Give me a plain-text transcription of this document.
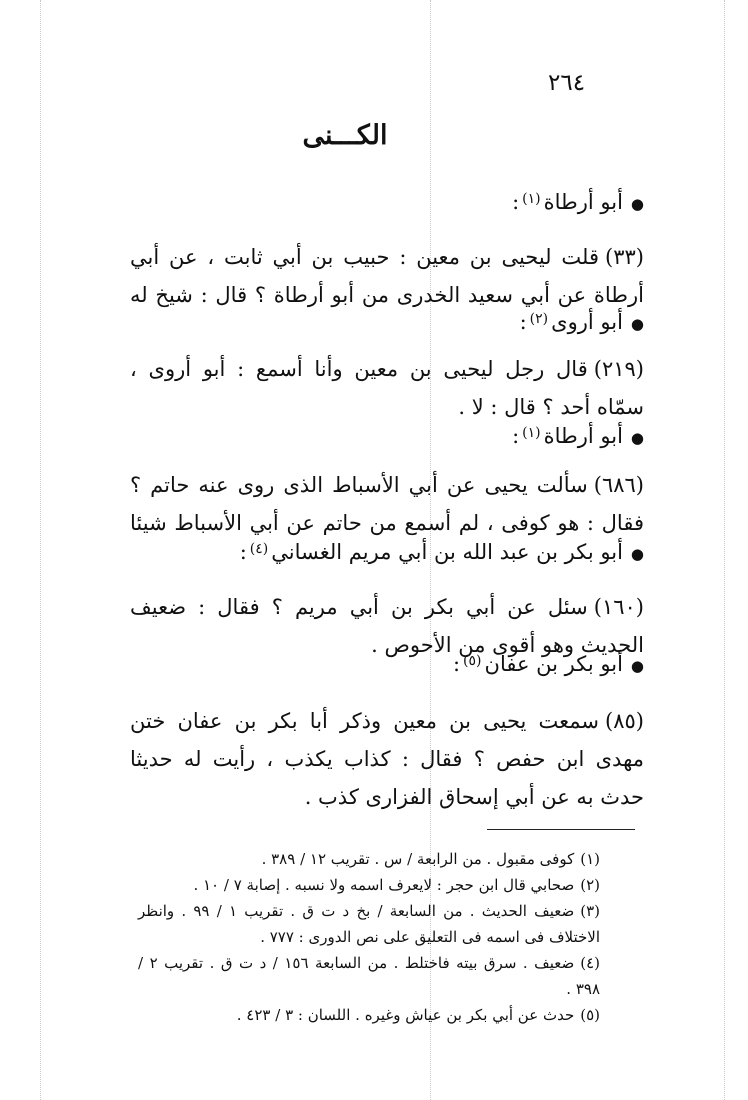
٢٦٤
الكـــنى
●أبو أرطاة$^{(١)}$:
(٣٣)قلت ليحيى بن معين : حبيب بن أبي ثابت ، عن أبي أرطاة عن أبي سعيد الخدرى من أبو أرطاة ؟ قال : شيخ له
●أبو أروى$^{(٢)}$:
(٢١٩)قال رجل ليحيى بن معين وأنا أسمع : أبو أروى ، سمّاه أحد ؟ قال : لا .
●أبو أرطاة$^{(١)}$:
(٦٨٦)سألت يحيى عن أبي الأسباط الذى روى عنه حاتم ؟ فقال : هو كوفى ، لم أسمع من حاتم عن أبي الأسباط شيئا
●أبو بكر بن عبد الله بن أبي مريم الغساني$^{(٤)}$:
(١٦٠)سئل عن أبي بكر بن أبي مريم ؟ فقال : ضعيف الحديث وهو أقوى من الأحوص .
●أبو بكر بن عفان$^{(٥)}$:
(٨٥)سمعت يحيى بن معين وذكر أبا بكر بن عفان ختن مهدى ابن حفص ؟ فقال : كذاب يكذب ، رأيت له حديثا حدث به عن أبي إسحاق الفزارى كذب .
(١)كوفى مقبول . من الرابعة / س . تقريب ١٢ / ٣٨٩ .
(٢)صحابي قال ابن حجر : لايعرف اسمه ولا نسبه . إصابة ٧ / ١٠ .
(٣)ضعيف الحديث . من السابعة / بخ د ت ق . تقريب ١ / ٩٩ . وانظر الاختلاف فى اسمه فى التعليق على نص الدورى : ٧٧٧ .
(٤)ضعيف . سرق بيته فاختلط . من السابعة ١٥٦ / د ت ق . تقريب ٢ / ٣٩٨ .
(٥)حدث عن أبي بكر بن عياش وغيره . اللسان : ٣ / ٤٢٣ .
